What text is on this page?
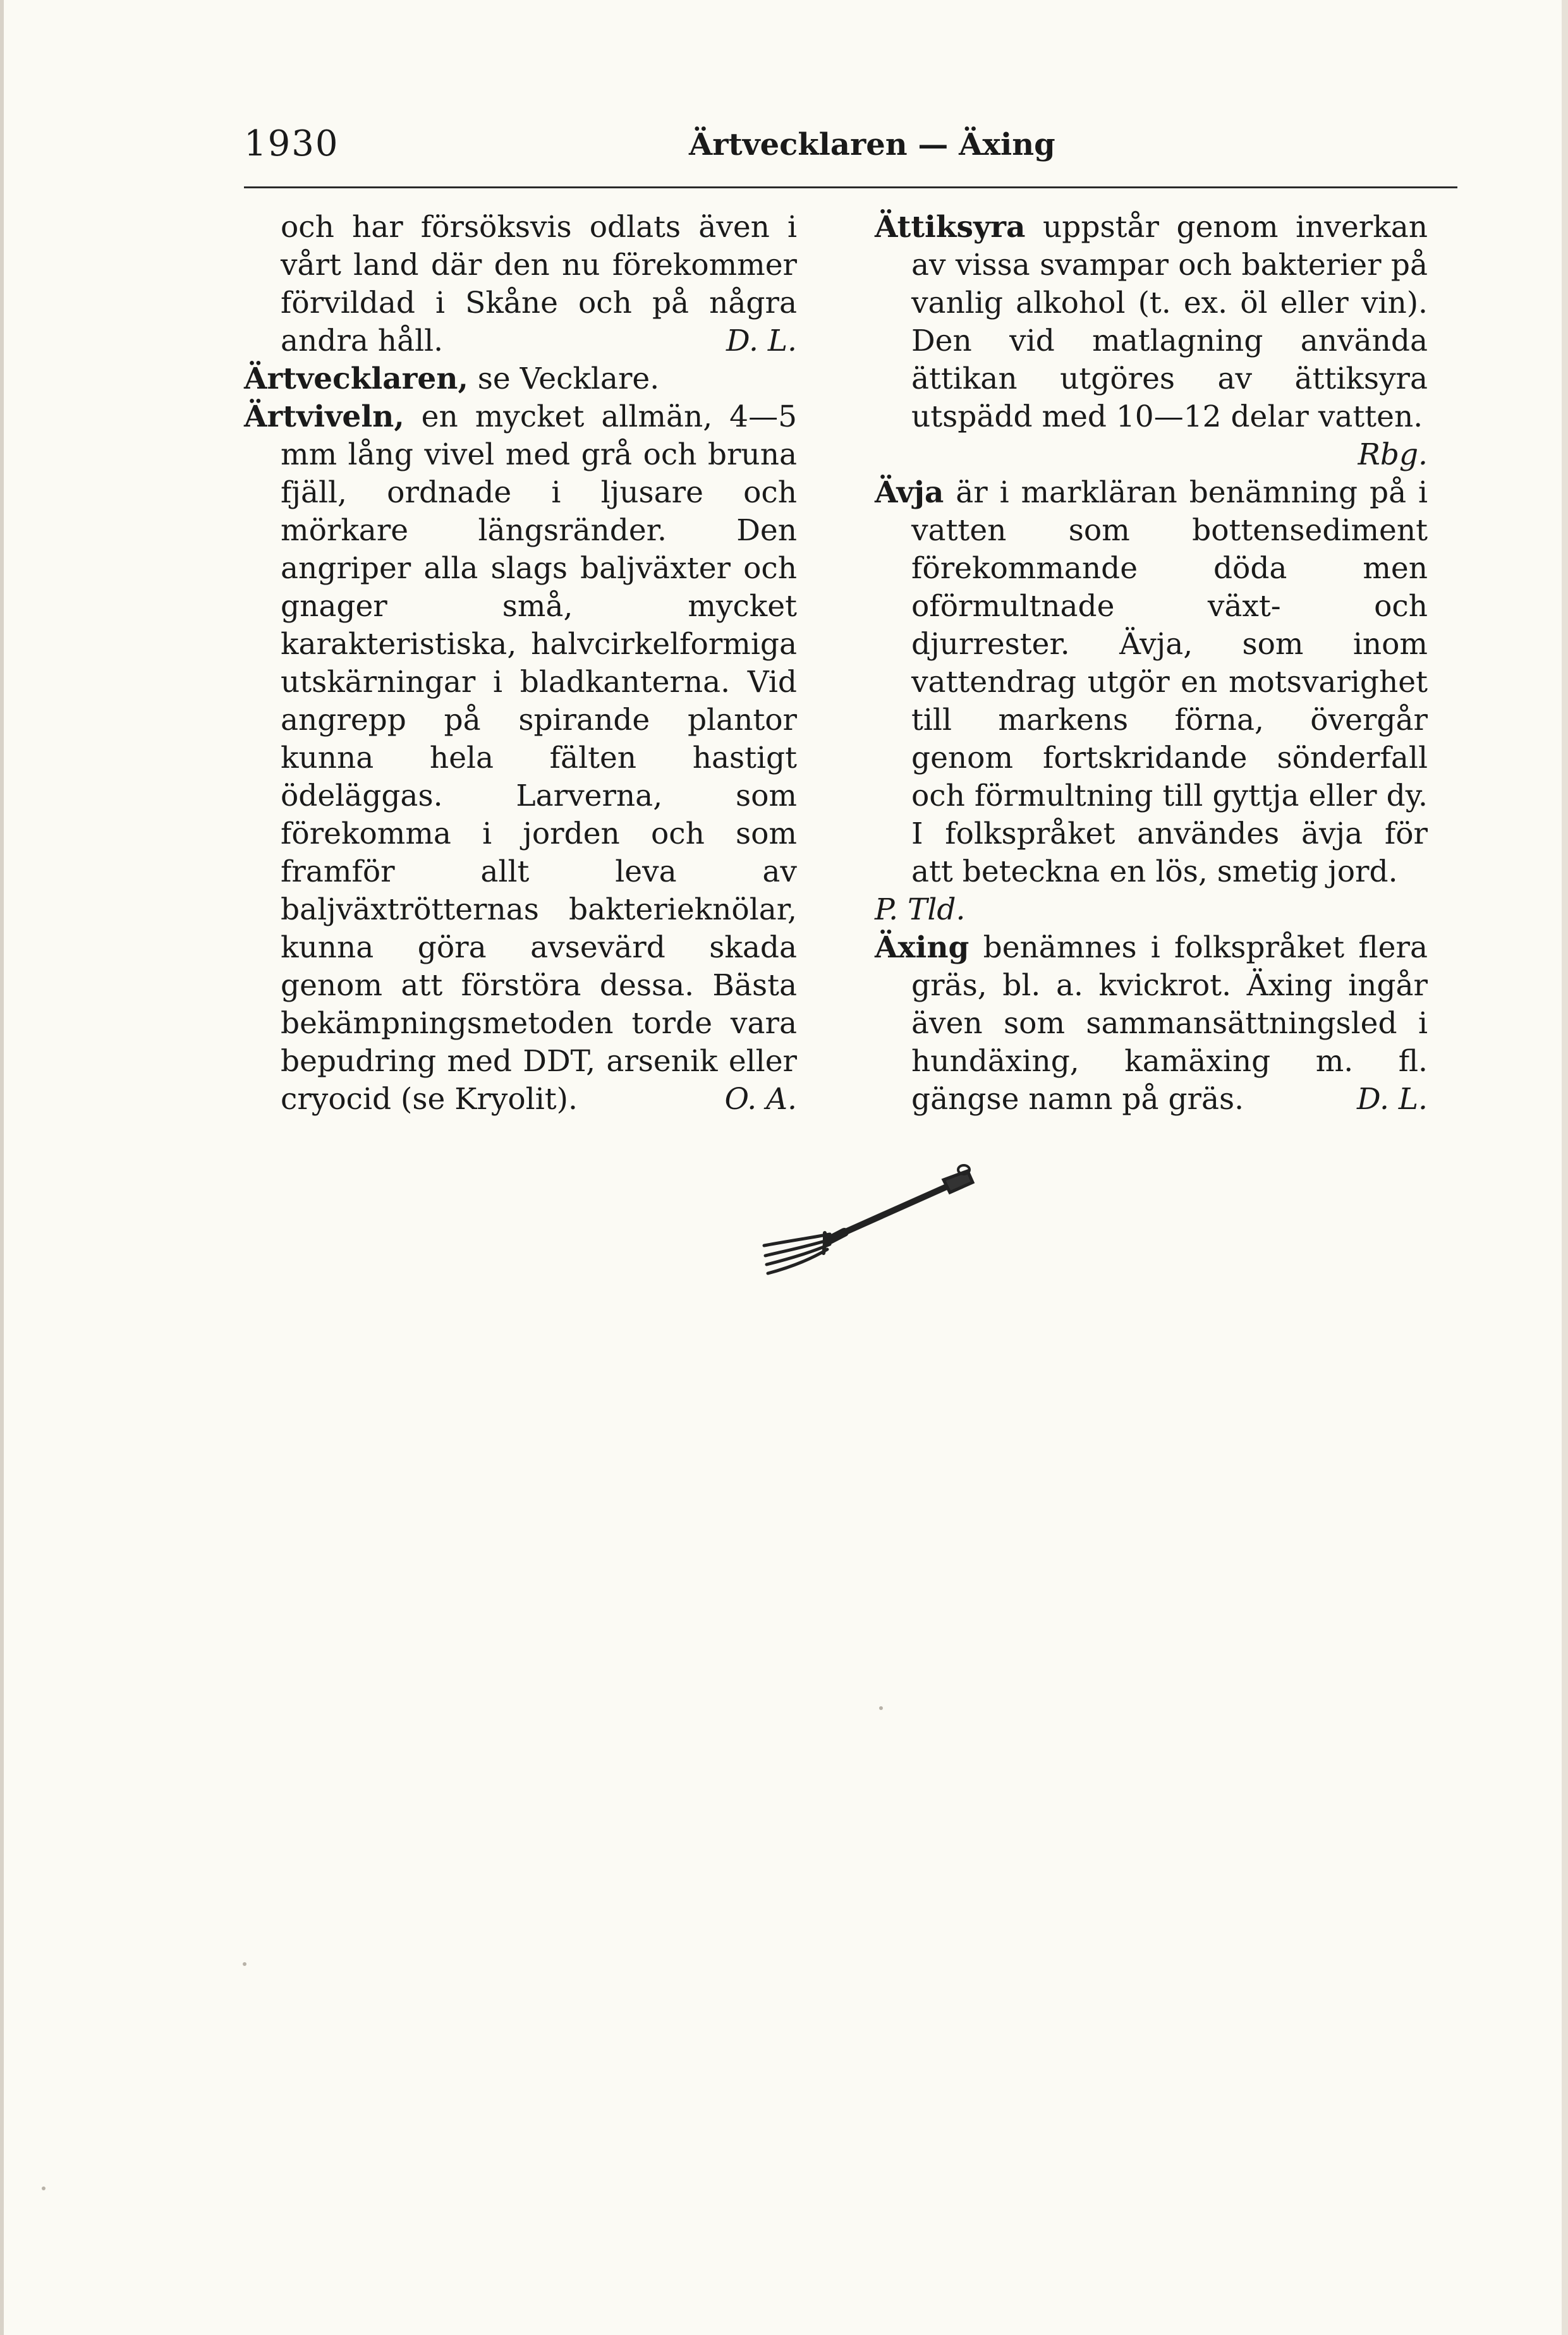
1930	Ärtvecklaren — Äxing

och har försöksvis odlats även i vårt land där den nu förekommer förvildad i Skåne och på några andra håll.	D. L.

Ärtvecklaren, se Vecklare.

Ärtviveln, en mycket allmän, 4—5 mm lång vivel med grå och bruna fjäll, ordnade i ljusare och mörkare längsränder. Den angriper alla slags baljväxter och gnager små, mycket karakteristiska, halvcirkelformiga utskärningar i bladkanterna. Vid angrepp på spirande plantor kunna hela fälten hastigt ödeläggas. Larverna, som förekomma i jorden och som framför allt leva av baljväxtrötternas bakterieknölar, kunna göra avsevärd skada genom att förstöra dessa. Bästa bekämpningsmetoden torde vara bepudring med DDT, arsenik eller cryocid (se Kryolit).	O. A.

Ättiksyra uppstår genom inverkan av vissa svampar och bakterier på vanlig alkohol (t. ex. öl eller vin). Den vid matlagning använda ättikan utgöres av ättiksyra utspädd med 10—12 delar vatten.
Rbg.

Ävja är i markläran benämning på i vatten som bottensediment förekommande döda men oförmultnade växt- och djurrester. Ävja, som inom vattendrag utgör en motsvarighet till markens förna, övergår genom fortskridande sönderfall och förmultning till gyttja eller dy. I folkspråket användes ävja för att beteckna en lös, smetig jord.

P. Tld.

Äxing benämnes i folkspråket flera gräs, bl. a. kvickrot. Äxing ingår även som sammansättningsled i hundäxing, kamäxing m. fl. gängse namn på gräs.	D. L.
